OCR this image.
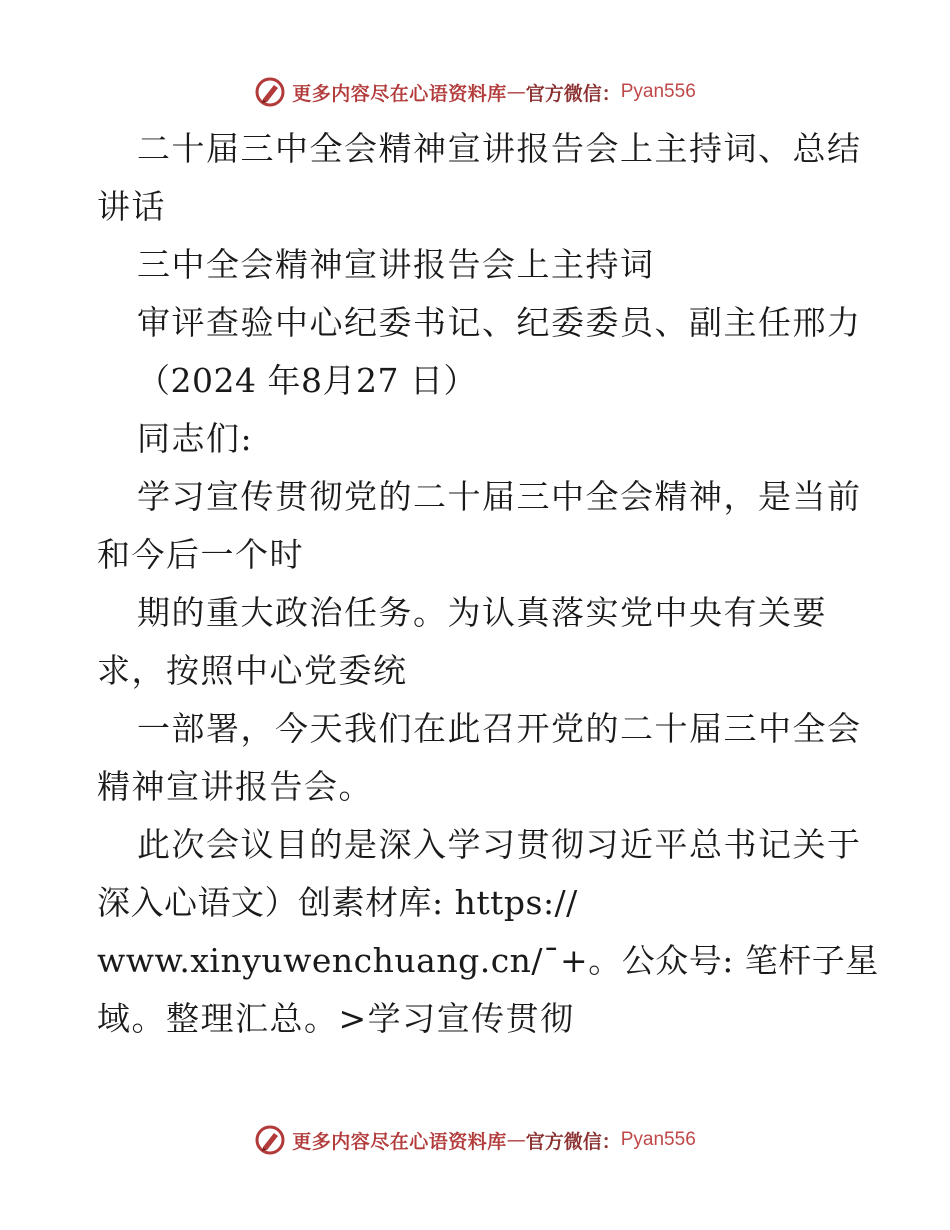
更多内容尽在心语资料库 — 官方微信： Pyan556
二十届三中全会精神宣讲报告会上主持词、总结
讲话
三中全会精神宣讲报告会上主持词
审评查验中心纪委书记、纪委委员、副主任邢力
（2024 年8月27 日）
同志们:
学习宣传贯彻党的二十届三中全会精神，是当前
和今后一个时
期的重大政治任务。为认真落实党中央有关要
求，按照中心党委统
一部署，今天我们在此召开党的二十届三中全会
精神宣讲报告会。
此次会议目的是深入学习贯彻习近平总书记关于
深入心语文）创素材库: https://
www.xinyuwenchuang.cn/¯+。公众号: 笔杆子星
域。整理汇总。>学习宣传贯彻
更多内容尽在心语资料库 — 官方微信： Pyan556
